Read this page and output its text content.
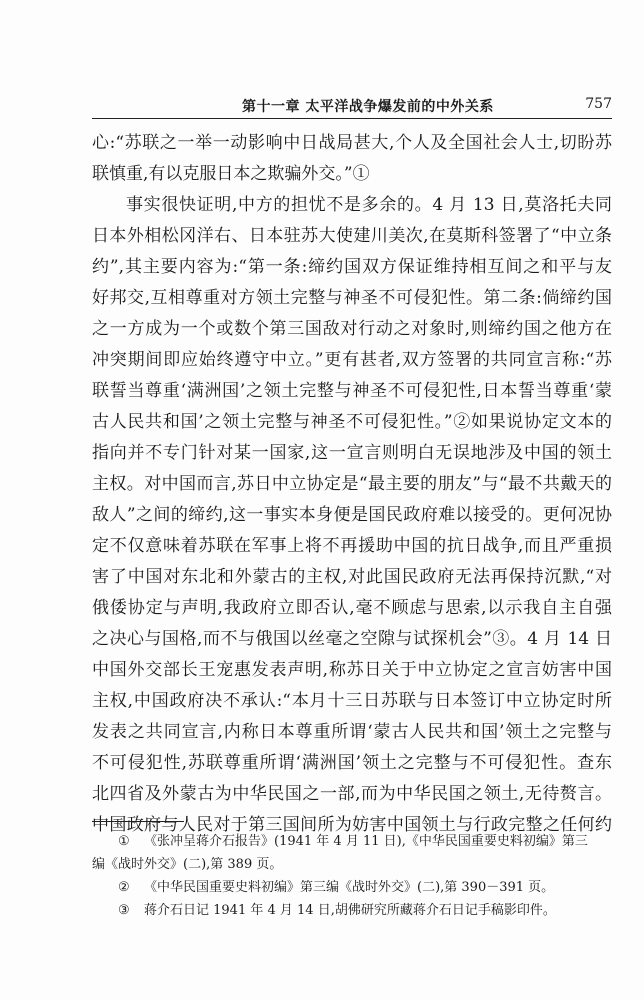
第十一章 太平洋战争爆发前的中外关系	757
心:“苏联之一举一动影响中日战局甚大,个人及全国社会人士,切盼苏
联慎重,有以克服日本之欺骗外交。”①
事实很快证明,中方的担忧不是多余的。4 月 13 日,莫洛托夫同
日本外相松冈洋右、日本驻苏大使建川美次,在莫斯科签署了“中立条
约”,其主要内容为:“第一条:缔约国双方保证维持相互间之和平与友
好邦交,互相尊重对方领土完整与神圣不可侵犯性。第二条:倘缔约国
之一方成为一个或数个第三国敌对行动之对象时,则缔约国之他方在
冲突期间即应始终遵守中立。”更有甚者,双方签署的共同宣言称:“苏
联誓当尊重‘满洲国’之领土完整与神圣不可侵犯性,日本誓当尊重‘蒙
古人民共和国’之领土完整与神圣不可侵犯性。”②如果说协定文本的
指向并不专门针对某一国家,这一宣言则明白无误地涉及中国的领土
主权。对中国而言,苏日中立协定是“最主要的朋友”与“最不共戴天的
敌人”之间的缔约,这一事实本身便是国民政府难以接受的。更何况协
定不仅意味着苏联在军事上将不再援助中国的抗日战争,而且严重损
害了中国对东北和外蒙古的主权,对此国民政府无法再保持沉默,“对
俄倭协定与声明,我政府立即否认,毫不顾虑与思索,以示我自主自强
之决心与国格,而不与俄国以丝毫之空隙与试探机会”③。4 月 14 日
中国外交部长王宠惠发表声明,称苏日关于中立协定之宣言妨害中国
主权,中国政府决不承认:“本月十三日苏联与日本签订中立协定时所
发表之共同宣言,内称日本尊重所谓‘蒙古人民共和国’领土之完整与
不可侵犯性,苏联尊重所谓‘满洲国’领土之完整与不可侵犯性。查东
北四省及外蒙古为中华民国之一部,而为中华民国之领土,无待赘言。
中国政府与人民对于第三国间所为妨害中国领土与行政完整之任何约
① 《张冲呈蒋介石报告》(1941 年 4 月 11 日),《中华民国重要史料初编》第三
编《战时外交》(二),第 389 页。
② 《中华民国重要史料初编》第三编《战时外交》(二),第 390－391 页。
③ 蒋介石日记 1941 年 4 月 14 日,胡佛研究所藏蒋介石日记手稿影印件。
